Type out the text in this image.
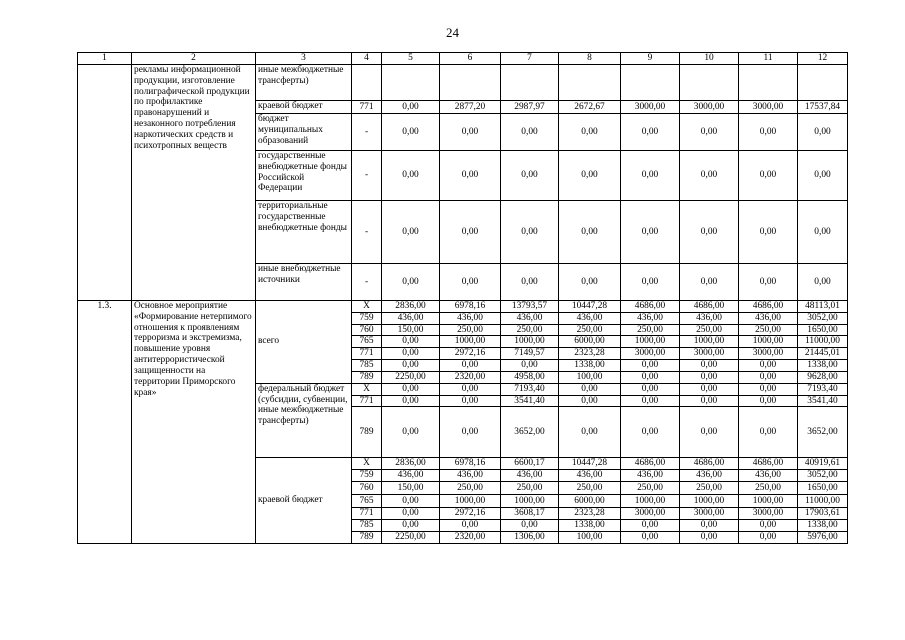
24
1	2	3	4	5	6	7	8	9	10	11	12
	рекламы информационной продукции, изготовление полиграфической продукции по профилактике правонарушений и незаконного потребления наркотических средств и психотропных веществ	иные межбюджетные трансферты)									
		краевой бюджет	771	0,00	2877,20	2987,97	2672,67	3000,00	3000,00	3000,00	17537,84
		бюджет муниципальных образований	-	0,00	0,00	0,00	0,00	0,00	0,00	0,00	0,00
		государственные внебюджетные фонды Российской Федерации	-	0,00	0,00	0,00	0,00	0,00	0,00	0,00	0,00
		территориальные государственные внебюджетные фонды	-	0,00	0,00	0,00	0,00	0,00	0,00	0,00	0,00
		иные внебюджетные источники	-	0,00	0,00	0,00	0,00	0,00	0,00	0,00	0,00
1.3.	Основное мероприятие «Формирование нетерпимого отношения к проявлениям терроризма и экстремизма, повышение уровня антитеррористической защищенности на территории Приморского края»	всего	X	2836,00	6978,16	13793,57	10447,28	4686,00	4686,00	4686,00	48113,01
			759	436,00	436,00	436,00	436,00	436,00	436,00	436,00	3052,00
			760	150,00	250,00	250,00	250,00	250,00	250,00	250,00	1650,00
			765	0,00	1000,00	1000,00	6000,00	1000,00	1000,00	1000,00	11000,00
			771	0,00	2972,16	7149,57	2323,28	3000,00	3000,00	3000,00	21445,01
			785	0,00	0,00	0,00	1338,00	0,00	0,00	0,00	1338,00
			789	2250,00	2320,00	4958,00	100,00	0,00	0,00	0,00	9628,00
		федеральный бюджет (субсидии, субвенции, иные межбюджетные трансферты)	X	0,00	0,00	7193,40	0,00	0,00	0,00	0,00	7193,40
			771	0,00	0,00	3541,40	0,00	0,00	0,00	0,00	3541,40
			789	0,00	0,00	3652,00	0,00	0,00	0,00	0,00	3652,00
		краевой бюджет	X	2836,00	6978,16	6600,17	10447,28	4686,00	4686,00	4686,00	40919,61
			759	436,00	436,00	436,00	436,00	436,00	436,00	436,00	3052,00
			760	150,00	250,00	250,00	250,00	250,00	250,00	250,00	1650,00
			765	0,00	1000,00	1000,00	6000,00	1000,00	1000,00	1000,00	11000,00
			771	0,00	2972,16	3608,17	2323,28	3000,00	3000,00	3000,00	17903,61
			785	0,00	0,00	0,00	1338,00	0,00	0,00	0,00	1338,00
			789	2250,00	2320,00	1306,00	100,00	0,00	0,00	0,00	5976,00
